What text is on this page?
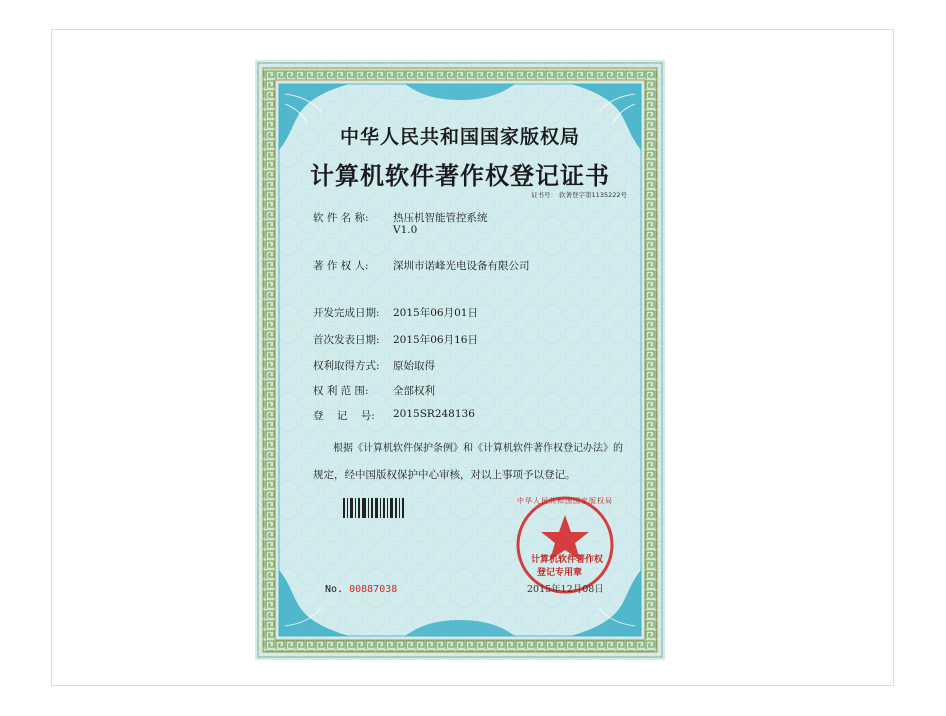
中华人民共和国国家版权局
计算机软件著作权登记证书
证书号： 软著登字第1135222号
软 件 名 称: 热压机智能管控系统
V1.0
著 作 权 人: 深圳市诺峰光电设备有限公司
开发完成日期: 2015年06月01日
首次发表日期: 2015年06月16日
权利取得方式: 原始取得
权 利 范 围: 全部权利
登    记    号: 2015SR248136
根据《计算机软件保护条例》和《计算机软件著作权登记办法》的
规定，经中国版权保护中心审核，对以上事项予以登记。
计算机软件著作权
登记专用章
中华人民共和国国家版权局
No. 00887038	2015年12月08日
